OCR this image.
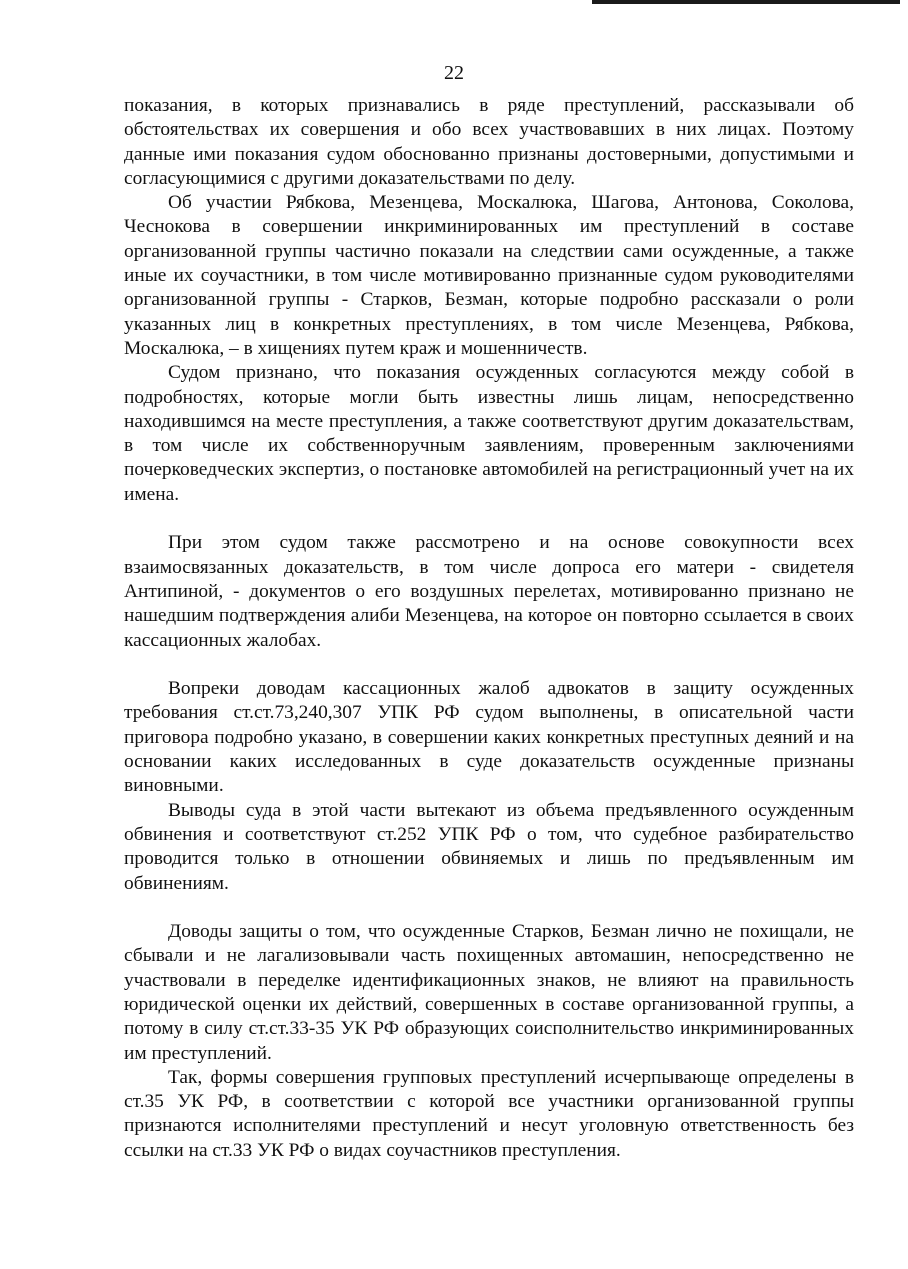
22

показания, в которых признавались в ряде преступлений, рассказывали об обстоятельствах их совершения и обо всех участвовавших в них лицах. Поэтому данные ими показания судом обоснованно признаны достоверными, допустимыми и согласующимися с другими доказательствами по делу.

Об участии Рябкова, Мезенцева, Москалюка, Шагова, Антонова, Соколова, Чеснокова в совершении инкриминированных им преступлений в составе организованной группы частично показали на следствии сами осужденные, а также иные их соучастники, в том числе мотивированно признанные судом руководителями организованной группы - Старков, Безман, которые подробно рассказали о роли указанных лиц в конкретных преступлениях, в том числе Мезенцева, Рябкова, Москалюка, – в хищениях путем краж и мошенничеств.

Судом признано, что показания осужденных согласуются между собой в подробностях, которые могли быть известны лишь лицам, непосредственно находившимся на месте преступления, а также соответствуют другим доказательствам, в том числе их собственноручным заявлениям, проверенным заключениями почерковедческих экспертиз, о постановке автомобилей на регистрационный учет на их имена.

При этом судом также рассмотрено и на основе совокупности всех взаимосвязанных доказательств, в том числе допроса его матери - свидетеля Антипиной, - документов о его воздушных перелетах, мотивированно признано не нашедшим подтверждения алиби Мезенцева, на которое он повторно ссылается в своих кассационных жалобах.

Вопреки доводам кассационных жалоб адвокатов в защиту осужденных требования ст.ст.73,240,307 УПК РФ судом выполнены, в описательной части приговора подробно указано, в совершении каких конкретных преступных деяний и на основании каких исследованных в суде доказательств осужденные признаны виновными.

Выводы суда в этой части вытекают из объема предъявленного осужденным обвинения и соответствуют ст.252 УПК РФ о том, что судебное разбирательство проводится только в отношении обвиняемых и лишь по предъявленным им обвинениям.

Доводы защиты о том, что осужденные Старков, Безман лично не похищали, не сбывали и не лагализовывали часть похищенных автомашин, непосредственно не участвовали в переделке идентификационных знаков, не влияют на правильность юридической оценки их действий, совершенных в составе организованной группы, а потому в силу ст.ст.33-35 УК РФ образующих соисполнительство инкриминированных им преступлений.

Так, формы совершения групповых преступлений исчерпывающе определены в ст.35 УК РФ, в соответствии с которой все участники организованной группы признаются исполнителями преступлений и несут уголовную ответственность без ссылки на ст.33 УК РФ о видах соучастников преступления.
